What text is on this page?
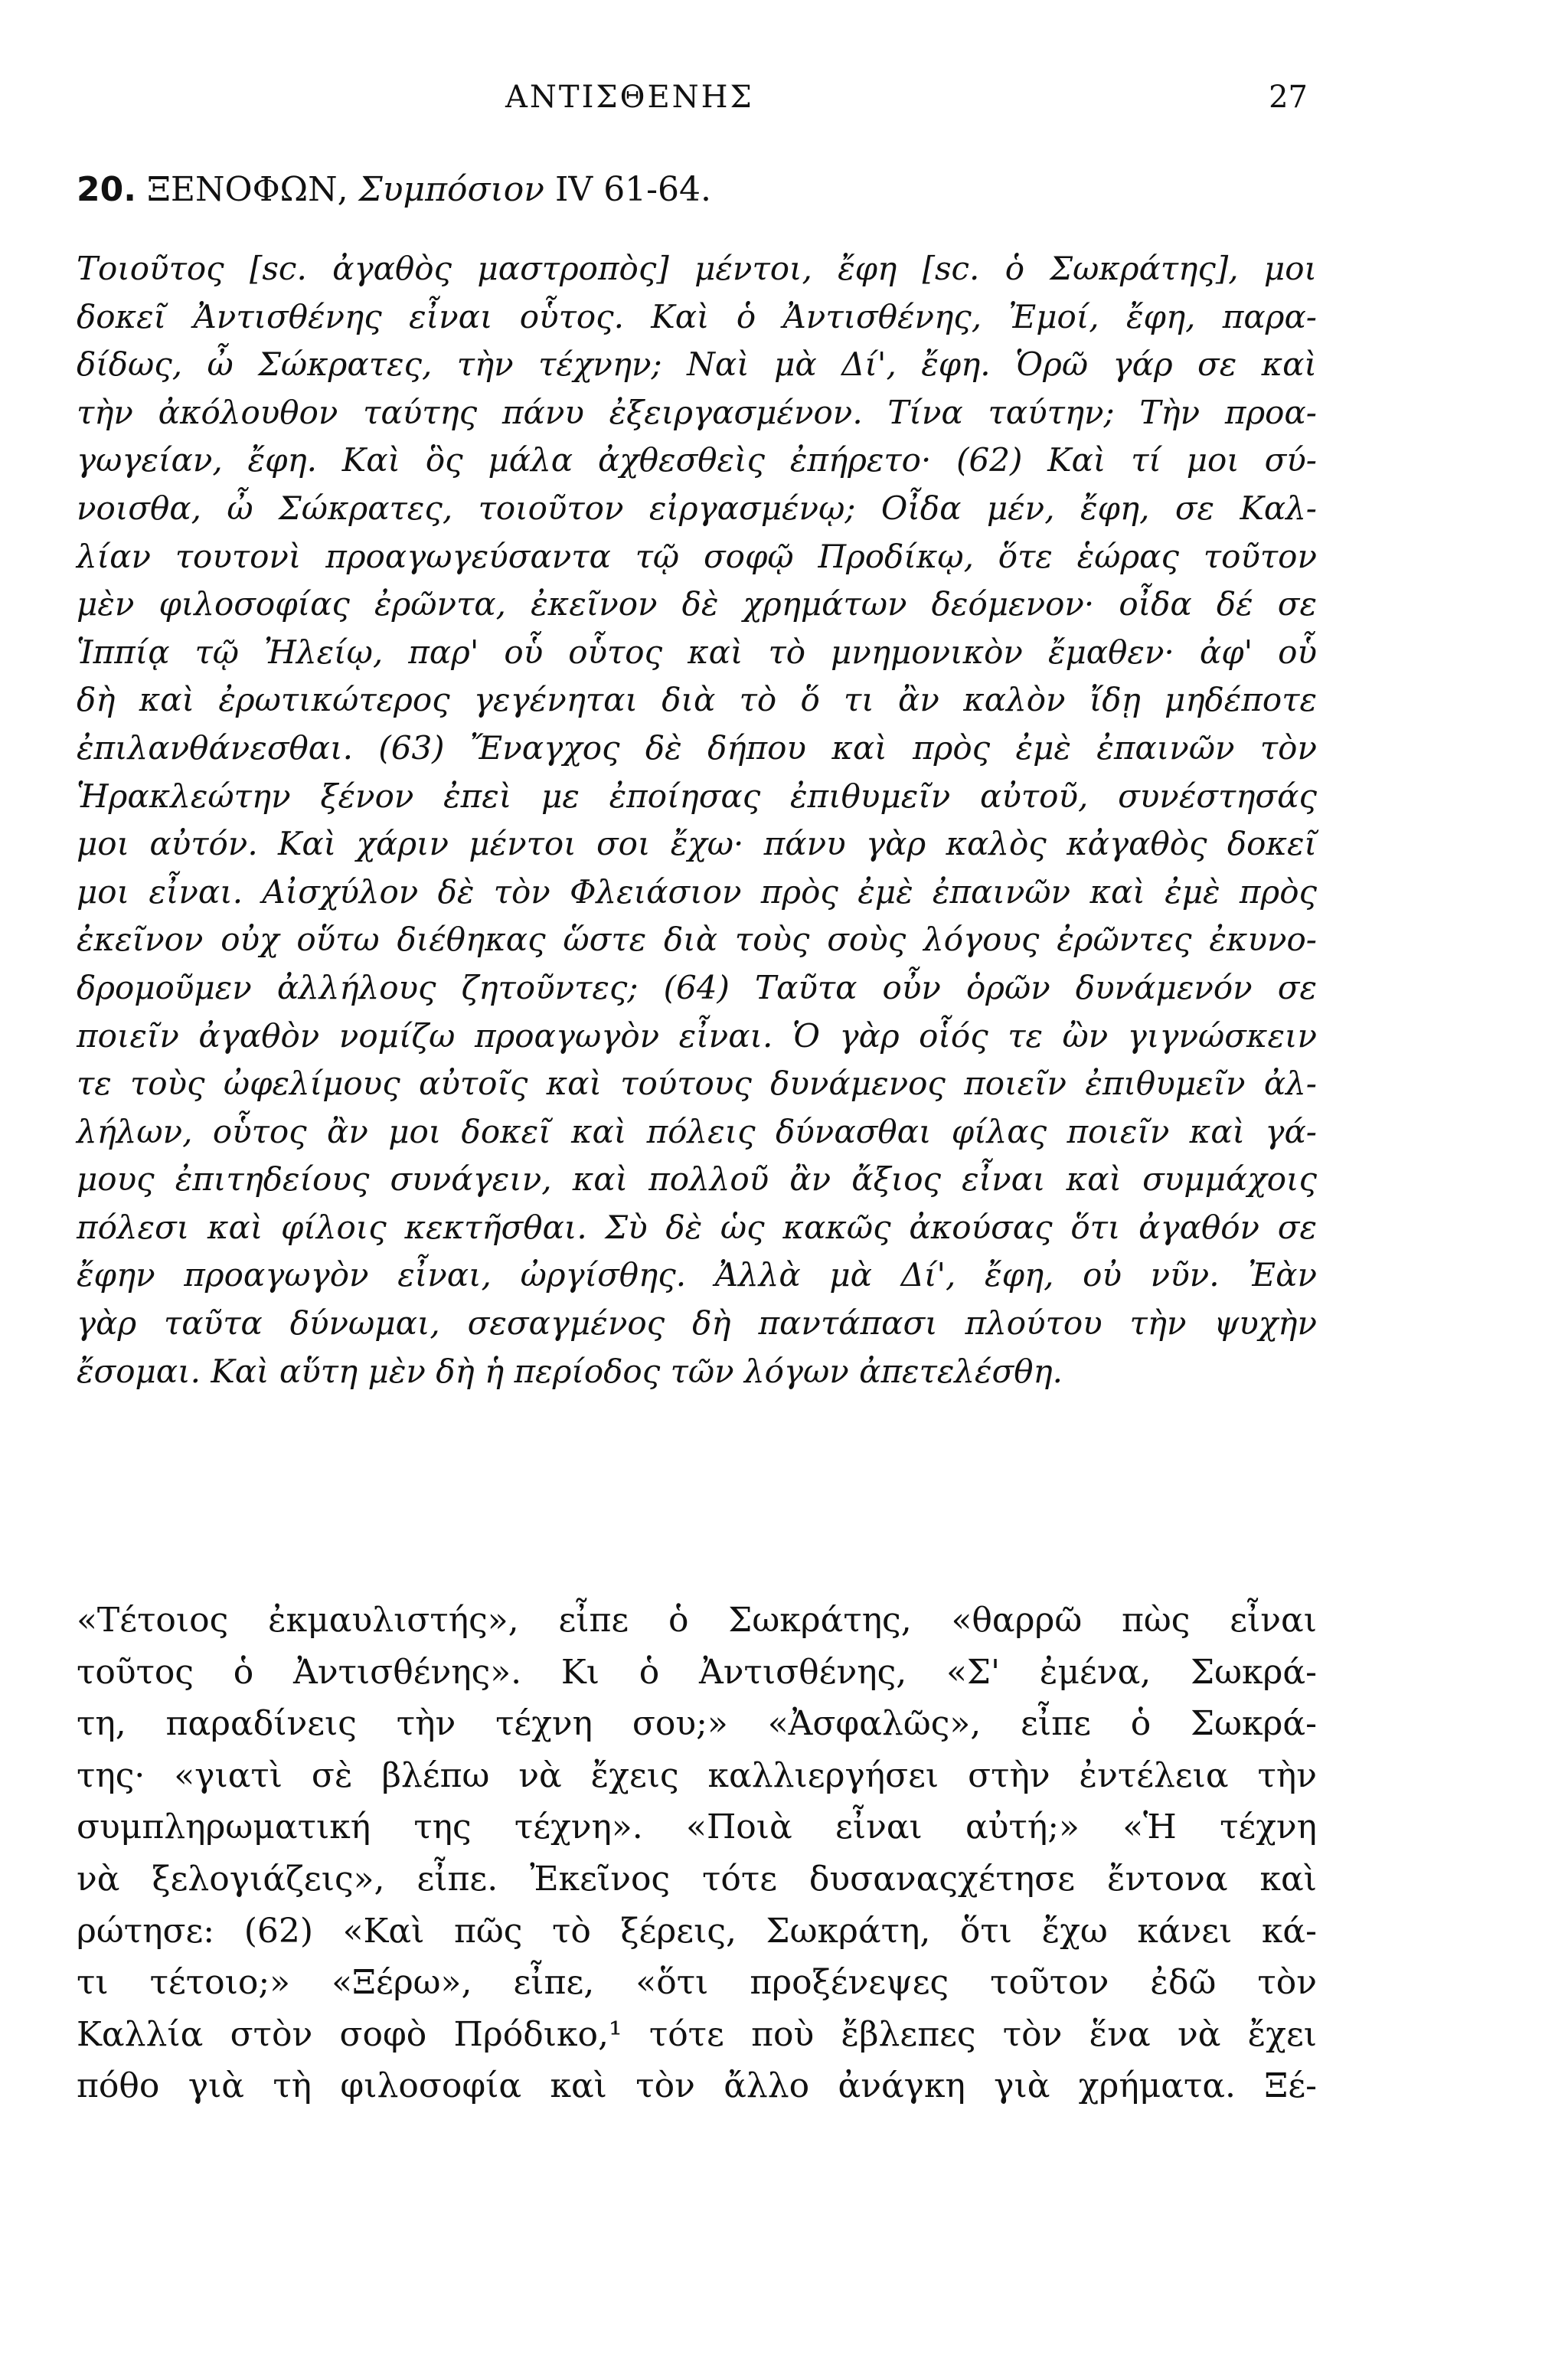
ΑΝΤΙΣΘΕΝΗΣ	27
20. ΞΕΝΟΦΩΝ, Συμπόσιον IV 61-64.
Τοιοῦτος [sc. ἀγαθὸς μαστροπὸς] μέντοι, ἔφη [sc. ὁ Σωκράτης], μοι
δοκεῖ Ἀντισθένης εἶναι οὗτος. Καὶ ὁ Ἀντισθένης, Ἐμοί, ἔφη, παρα-
δίδως, ὦ Σώκρατες, τὴν τέχνην; Ναὶ μὰ Δί', ἔφη. Ὁρῶ γάρ σε καὶ
τὴν ἀκόλουθον ταύτης πάνυ ἐξειργασμένον. Τίνα ταύτην; Τὴν προα-
γωγείαν, ἔφη. Καὶ ὃς μάλα ἀχθεσθεὶς ἐπήρετο· (62) Καὶ τί μοι σύ-
νοισθα, ὦ Σώκρατες, τοιοῦτον εἰργασμένῳ; Οἶδα μέν, ἔφη, σε Καλ-
λίαν τουτονὶ προαγωγεύσαντα τῷ σοφῷ Προδίκῳ, ὅτε ἑώρας τοῦτον
μὲν φιλοσοφίας ἐρῶντα, ἐκεῖνον δὲ χρημάτων δεόμενον· οἶδα δέ σε
Ἱππίᾳ τῷ Ἠλείῳ, παρ' οὗ οὗτος καὶ τὸ μνημονικὸν ἔμαθεν· ἀφ' οὗ
δὴ καὶ ἐρωτικώτερος γεγένηται διὰ τὸ ὅ τι ἂν καλὸν ἴδῃ μηδέποτε
ἐπιλανθάνεσθαι. (63) Ἔναγχος δὲ δήπου καὶ πρὸς ἐμὲ ἐπαινῶν τὸν
Ἡρακλεώτην ξένον ἐπεὶ με ἐποίησας ἐπιθυμεῖν αὐτοῦ, συνέστησάς
μοι αὐτόν. Καὶ χάριν μέντοι σοι ἔχω· πάνυ γὰρ καλὸς κἀγαθὸς δοκεῖ
μοι εἶναι. Αἰσχύλον δὲ τὸν Φλειάσιον πρὸς ἐμὲ ἐπαινῶν καὶ ἐμὲ πρὸς
ἐκεῖνον οὐχ οὕτω διέθηκας ὥστε διὰ τοὺς σοὺς λόγους ἐρῶντες ἐκυνο-
δρομοῦμεν ἀλλήλους ζητοῦντες; (64) Ταῦτα οὖν ὁρῶν δυνάμενόν σε
ποιεῖν ἀγαθὸν νομίζω προαγωγὸν εἶναι. Ὁ γὰρ οἷός τε ὢν γιγνώσκειν
τε τοὺς ὠφελίμους αὐτοῖς καὶ τούτους δυνάμενος ποιεῖν ἐπιθυμεῖν ἀλ-
λήλων, οὗτος ἂν μοι δοκεῖ καὶ πόλεις δύνασθαι φίλας ποιεῖν καὶ γά-
μους ἐπιτηδείους συνάγειν, καὶ πολλοῦ ἂν ἄξιος εἶναι καὶ συμμάχοις
πόλεσι καὶ φίλοις κεκτῆσθαι. Σὺ δὲ ὡς κακῶς ἀκούσας ὅτι ἀγαθόν σε
ἔφην προαγωγὸν εἶναι, ὠργίσθης. Ἀλλὰ μὰ Δί', ἔφη, οὐ νῦν. Ἐὰν
γὰρ ταῦτα δύνωμαι, σεσαγμένος δὴ παντάπασι πλούτου τὴν ψυχὴν
ἔσομαι. Καὶ αὕτη μὲν δὴ ἡ περίοδος τῶν λόγων ἀπετελέσθη.
«Τέτοιος ἐκμαυλιστής», εἶπε ὁ Σωκράτης, «θαρρῶ πὼς εἶναι
τοῦτος ὁ Ἀντισθένης». Κι ὁ Ἀντισθένης, «Σ' ἐμένα, Σωκρά-
τη, παραδίνεις τὴν τέχνη σου;» «Ἀσφαλῶς», εἶπε ὁ Σωκρά-
της· «γιατὶ σὲ βλέπω νὰ ἔχεις καλλιεργήσει στὴν ἐντέλεια τὴν
συμπληρωματική της τέχνη». «Ποιὰ εἶναι αὐτή;» «Ἡ τέχνη
νὰ ξελογιάζεις», εἶπε. Ἐκεῖνος τότε δυσαναςχέτησε ἔντονα καὶ
ρώτησε: (62) «Καὶ πῶς τὸ ξέρεις, Σωκράτη, ὅτι ἔχω κάνει κά-
τι τέτοιο;» «Ξέρω», εἶπε, «ὅτι προξένεψες τοῦτον ἐδῶ τὸν
Καλλία στὸν σοφὸ Πρόδικο,¹ τότε ποὺ ἔβλεπες τὸν ἕνα νὰ ἔχει
πόθο γιὰ τὴ φιλοσοφία καὶ τὸν ἄλλο ἀνάγκη γιὰ χρήματα. Ξέ-
